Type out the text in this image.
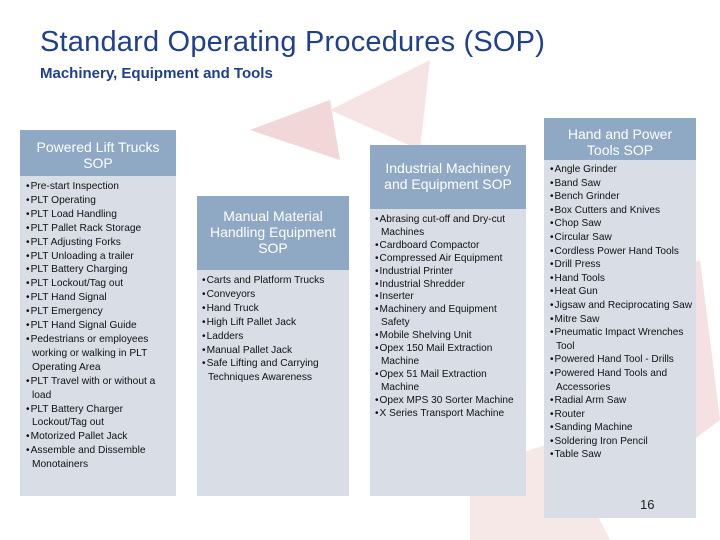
Standard Operating Procedures (SOP)
Machinery, Equipment and Tools
Powered Lift Trucks SOP
• Pre-start Inspection
• PLT Operating
• PLT Load Handling
• PLT Pallet Rack Storage
• PLT Adjusting Forks
• PLT Unloading a trailer
• PLT Battery Charging
• PLT Lockout/Tag out
• PLT Hand Signal
• PLT Emergency
• PLT Hand Signal Guide
• Pedestrians or employees working or walking in PLT Operating Area
• PLT Travel with or without a load
• PLT Battery Charger Lockout/Tag out
• Motorized Pallet Jack
• Assemble and Dissemble Monotainers
Manual Material Handling Equipment SOP
• Carts and Platform Trucks
• Conveyors
• Hand Truck
• High Lift Pallet Jack
• Ladders
• Manual Pallet Jack
• Safe Lifting and Carrying Techniques Awareness
Industrial Machinery and Equipment SOP
• Abrasing cut-off and Dry-cut Machines
• Cardboard Compactor
• Compressed Air Equipment
• Industrial Printer
• Industrial Shredder
• Inserter
• Machinery and Equipment Safety
• Mobile Shelving Unit
• Opex 150 Mail Extraction Machine
• Opex 51 Mail Extraction Machine
• Opex MPS 30 Sorter Machine
• X Series Transport Machine
Hand and Power Tools SOP
• Angle Grinder
• Band Saw
• Bench Grinder
• Box Cutters and Knives
• Chop Saw
• Circular Saw
• Cordless Power Hand Tools
• Drill Press
• Hand Tools
• Heat Gun
• Jigsaw and Reciprocating Saw
• Mitre Saw
• Pneumatic Impact Wrenches Tool
• Powered Hand Tool - Drills
• Powered Hand Tools and Accessories
• Radial Arm Saw
• Router
• Sanding Machine
• Soldering Iron Pencil
• Table Saw
16
